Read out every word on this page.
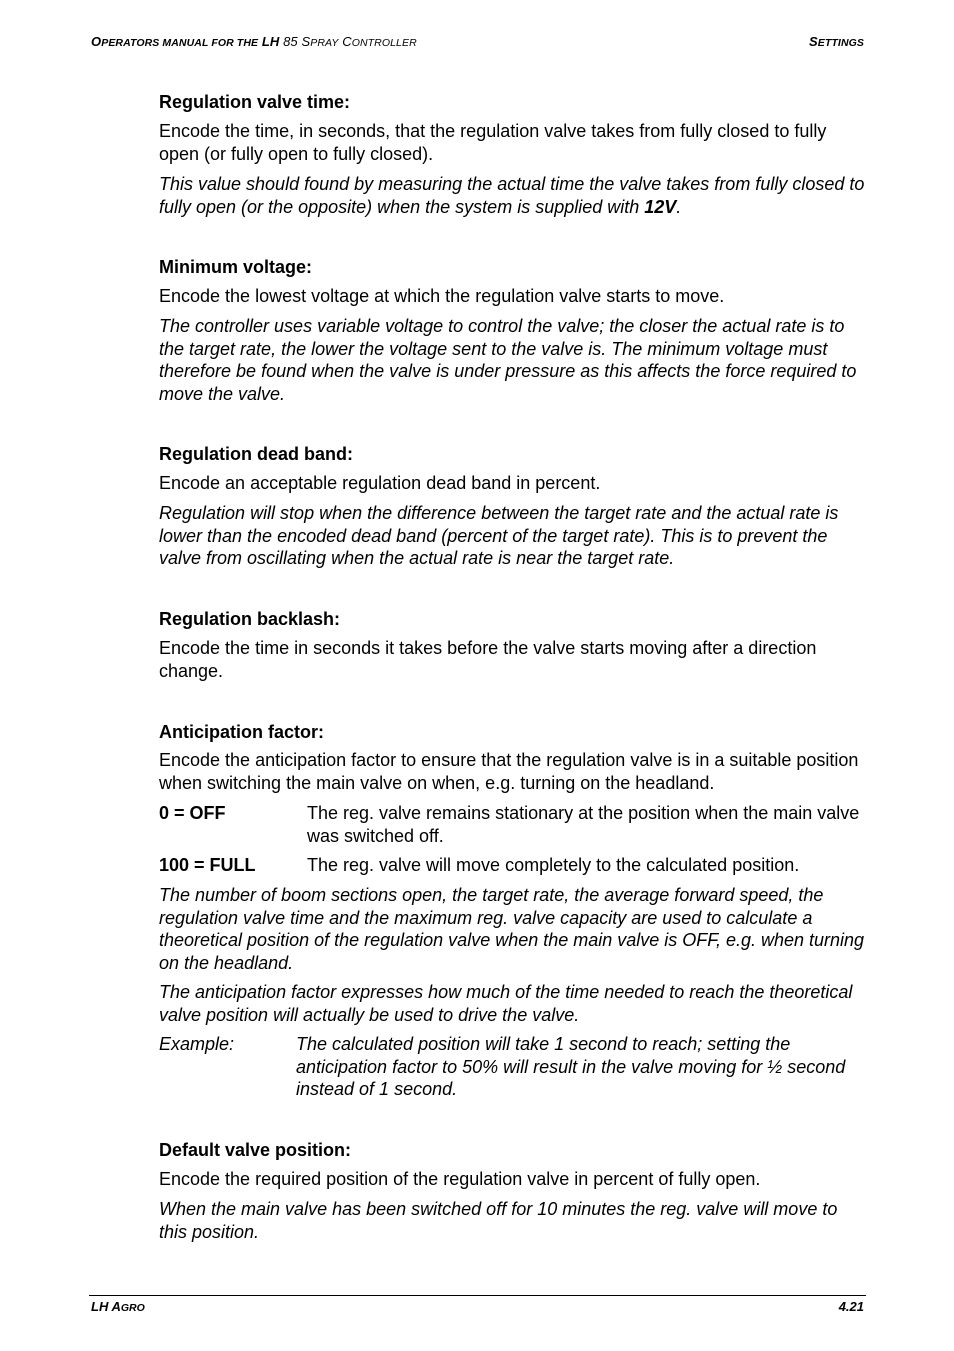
OPERATORS MANUAL FOR THE LH 85 SPRAY CONTROLLER	SETTINGS
Regulation valve time:
Encode the time, in seconds, that the regulation valve takes from fully closed to fully open (or fully open to fully closed).
This value should found by measuring the actual time the valve takes from fully closed to fully open (or the opposite) when the system is supplied with 12V.
Minimum voltage:
Encode the lowest voltage at which the regulation valve starts to move.
The controller uses variable voltage to control the valve; the closer the actual rate is to the target rate, the lower the voltage sent to the valve is. The minimum voltage must therefore be found when the valve is under pressure as this affects the force required to move the valve.
Regulation dead band:
Encode an acceptable regulation dead band in percent.
Regulation will stop when the difference between the target rate and the actual rate is lower than the encoded dead band (percent of the target rate). This is to prevent the valve from oscillating when the actual rate is near the target rate.
Regulation backlash:
Encode the time in seconds it takes before the valve starts moving after a direction change.
Anticipation factor:
Encode the anticipation factor to ensure that the regulation valve is in a suitable position when switching the main valve on when, e.g. turning on the headland.
0 = OFF	The reg. valve remains stationary at the position when the main valve was switched off.
100 = FULL	The reg. valve will move completely to the calculated position.
The number of boom sections open, the target rate, the average forward speed, the regulation valve time and the maximum reg. valve capacity are used to calculate a theoretical position of the regulation valve when the main valve is OFF, e.g. when turning on the headland.
The anticipation factor expresses how much of the time needed to reach the theoretical valve position will actually be used to drive the valve.
Example:	The calculated position will take 1 second to reach; setting the anticipation factor to 50% will result in the valve moving for ½ second instead of 1 second.
Default valve position:
Encode the required position of the regulation valve in percent of fully open.
When the main valve has been switched off for 10 minutes the reg. valve will move to this position.
LH AGRO	4.21
